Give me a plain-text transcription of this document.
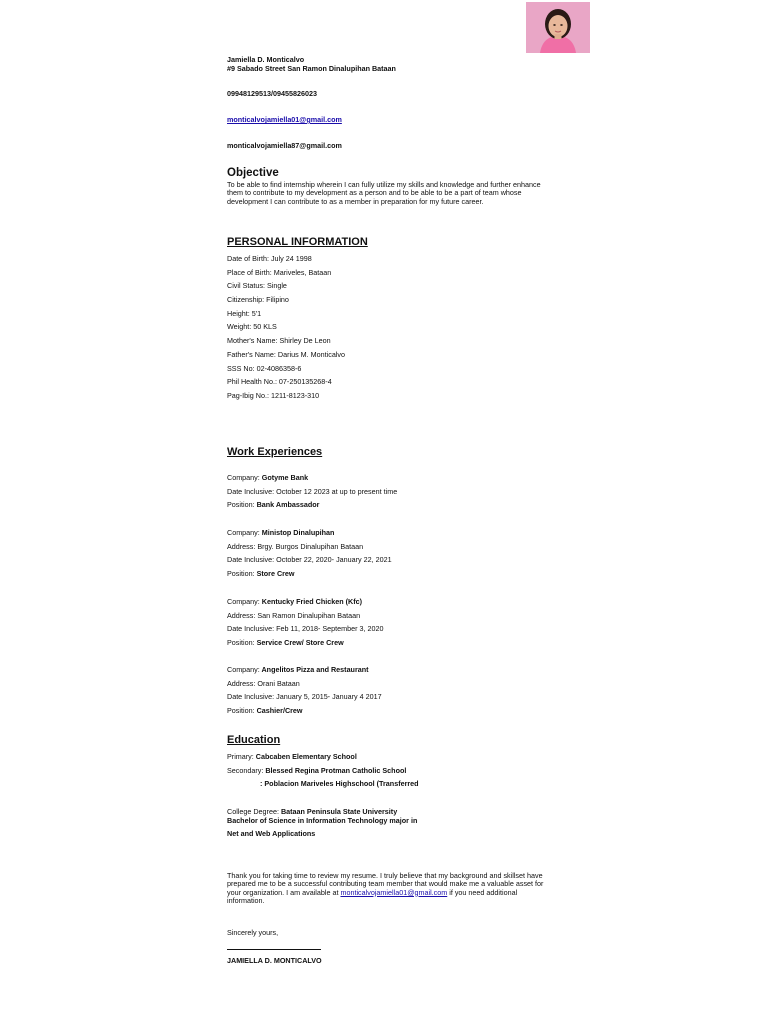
Jamiella D. Monticalvo
#9 Sabado Street San Ramon Dinalupihan Bataan
09948129513/09455826023
monticalvojamiella01@gmail.com
monticalvojamiella87@gmail.com
Objective
To be able to find internship wherein I can fully utilize my skills and knowledge and further enhance them to contribute to my development as a person and to be able to be a part of team whose development I can contribute to as a member in preparation for my future career.
PERSONAL INFORMATION
Date of Birth: July 24 1998
Place of Birth: Mariveles, Bataan
Civil Status: Single
Citizenship: Filipino
Height: 5'1
Weight: 50 KLS
Mother's Name: Shirley De Leon
Father's Name: Darius M. Monticalvo
SSS No: 02-4086358-6
Phil Health No.: 07-250135268-4
Pag-Ibig No.: 1211-8123-310
Work Experiences
Company: Gotyme Bank
Date Inclusive: October 12 2023 at up to present time
Position: Bank Ambassador
Company: Ministop Dinalupihan
Address: Brgy. Burgos Dinalupihan Bataan
Date Inclusive: October 22, 2020- January 22, 2021
Position: Store Crew
Company: Kentucky Fried Chicken (Kfc)
Address: San Ramon Dinalupihan Bataan
Date Inclusive: Feb 11, 2018- September 3, 2020
Position: Service Crew/ Store Crew
Company: Angelitos Pizza and Restaurant
Address: Orani Bataan
Date Inclusive: January 5, 2015- January 4 2017
Position: Cashier/Crew
Education
Primary: Cabcaben Elementary School
Secondary: Blessed Regina Protman Catholic School
: Poblacion Mariveles Highschool (Transferred
College Degree: Bataan Peninsula State University
Bachelor of Science in Information Technology major in
Net and Web Applications
Thank you for taking time to review my resume. I truly believe that my background and skillset have prepared me to be a successful contributing team member that would make me a valuable asset for your organization. I am available at monticalvojamiella01@gmail.com if you need additional information.
Sincerely yours,
JAMIELLA D. MONTICALVO
